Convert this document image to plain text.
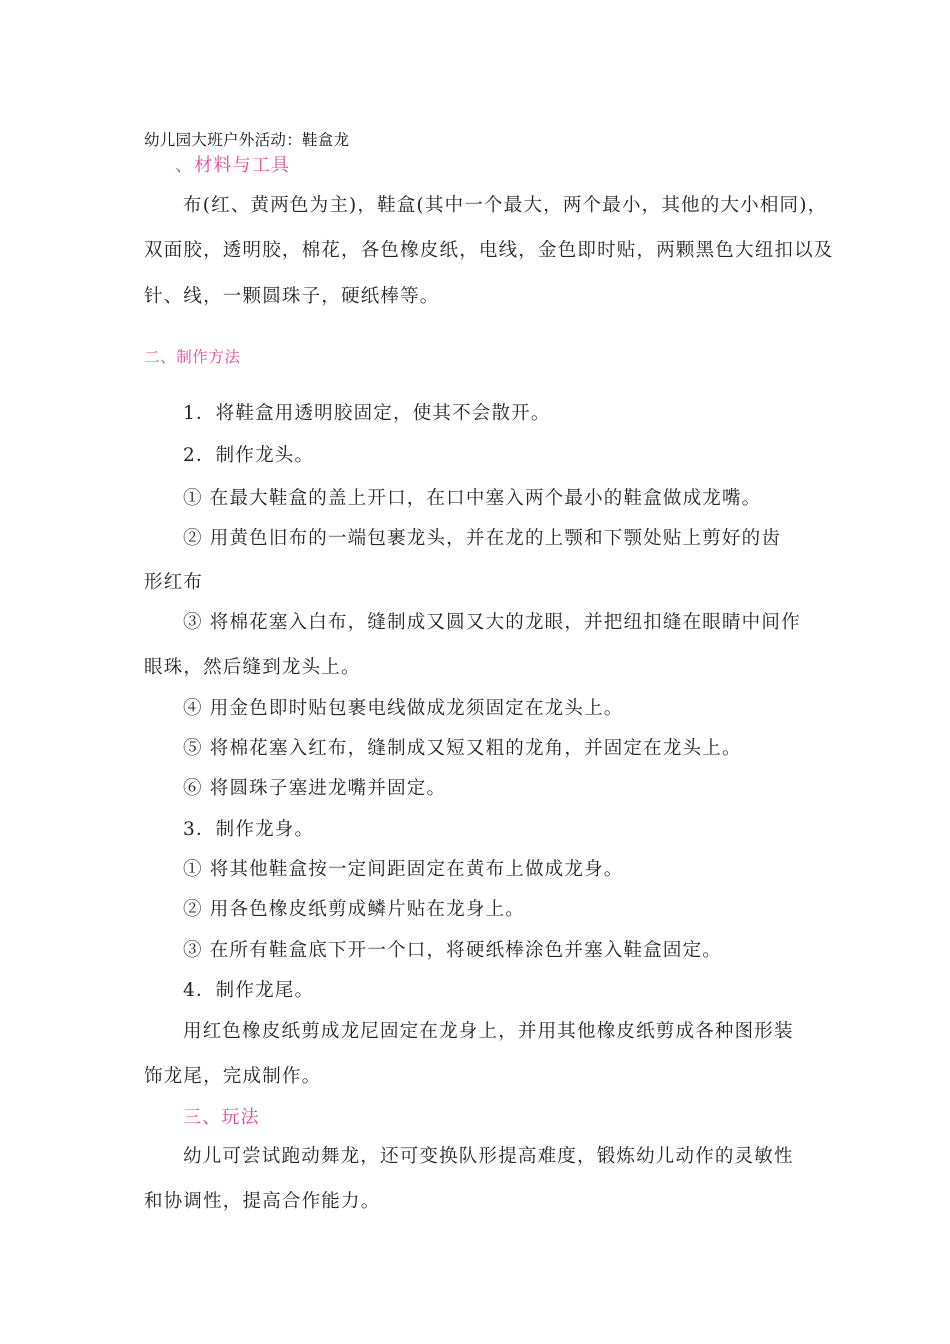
幼儿园大班户外活动：鞋盒龙
、材料与工具
布(红、黄两色为主)，鞋盒(其中一个最大，两个最小，其他的大小相同)，
双面胶，透明胶，棉花，各色橡皮纸，电线，金色即时贴，两颗黑色大纽扣以及
针、线，一颗圆珠子，硬纸棒等。
二、制作方法
1．将鞋盒用透明胶固定，使其不会散开。
2．制作龙头。
① 在最大鞋盒的盖上开口，在口中塞入两个最小的鞋盒做成龙嘴。
② 用黄色旧布的一端包裹龙头，并在龙的上颚和下颚处贴上剪好的齿
形红布
③ 将棉花塞入白布，缝制成又圆又大的龙眼，并把纽扣缝在眼睛中间作
眼珠，然后缝到龙头上。
④ 用金色即时贴包裹电线做成龙须固定在龙头上。
⑤ 将棉花塞入红布，缝制成又短又粗的龙角，并固定在龙头上。
⑥ 将圆珠子塞进龙嘴并固定。
3．制作龙身。
① 将其他鞋盒按一定间距固定在黄布上做成龙身。
② 用各色橡皮纸剪成鳞片贴在龙身上。
③ 在所有鞋盒底下开一个口，将硬纸棒涂色并塞入鞋盒固定。
4．制作龙尾。
用红色橡皮纸剪成龙尼固定在龙身上，并用其他橡皮纸剪成各种图形装
饰龙尾，完成制作。
三、玩法
幼儿可尝试跑动舞龙，还可变换队形提高难度，锻炼幼儿动作的灵敏性
和协调性，提高合作能力。
